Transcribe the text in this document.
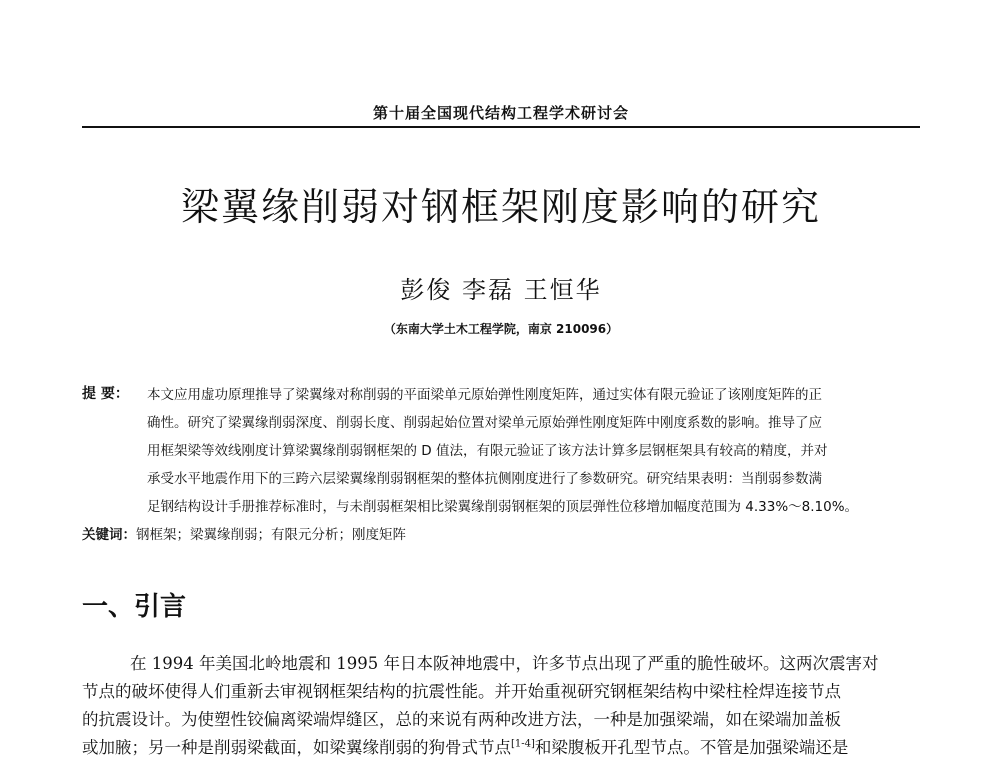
第十届全国现代结构工程学术研讨会
梁翼缘削弱对钢框架刚度影响的研究
彭俊 李磊 王恒华
（东南大学土木工程学院，南京 210096）
提 要： 本文应用虚功原理推导了梁翼缘对称削弱的平面梁单元原始弹性刚度矩阵，通过实体有限元验证了该刚度矩阵的正
确性。研究了梁翼缘削弱深度、削弱长度、削弱起始位置对梁单元原始弹性刚度矩阵中刚度系数的影响。推导了应
用框架梁等效线刚度计算梁翼缘削弱钢框架的 D 值法，有限元验证了该方法计算多层钢框架具有较高的精度，并对
承受水平地震作用下的三跨六层梁翼缘削弱钢框架的整体抗侧刚度进行了参数研究。研究结果表明：当削弱参数满
足钢结构设计手册推荐标准时，与未削弱框架相比梁翼缘削弱钢框架的顶层弹性位移增加幅度范围为 4.33%～8.10%。
关键词：钢框架；梁翼缘削弱；有限元分析；刚度矩阵
一、引言
在 1994 年美国北岭地震和 1995 年日本阪神地震中，许多节点出现了严重的脆性破坏。这两次震害对
节点的破坏使得人们重新去审视钢框架结构的抗震性能。并开始重视研究钢框架结构中梁柱栓焊连接节点
的抗震设计。为使塑性铰偏离梁端焊缝区，总的来说有两种改进方法，一种是加强梁端，如在梁端加盖板
或加腋；另一种是削弱梁截面，如梁翼缘削弱的狗骨式节点[1-4]和梁腹板开孔型节点。不管是加强梁端还是
